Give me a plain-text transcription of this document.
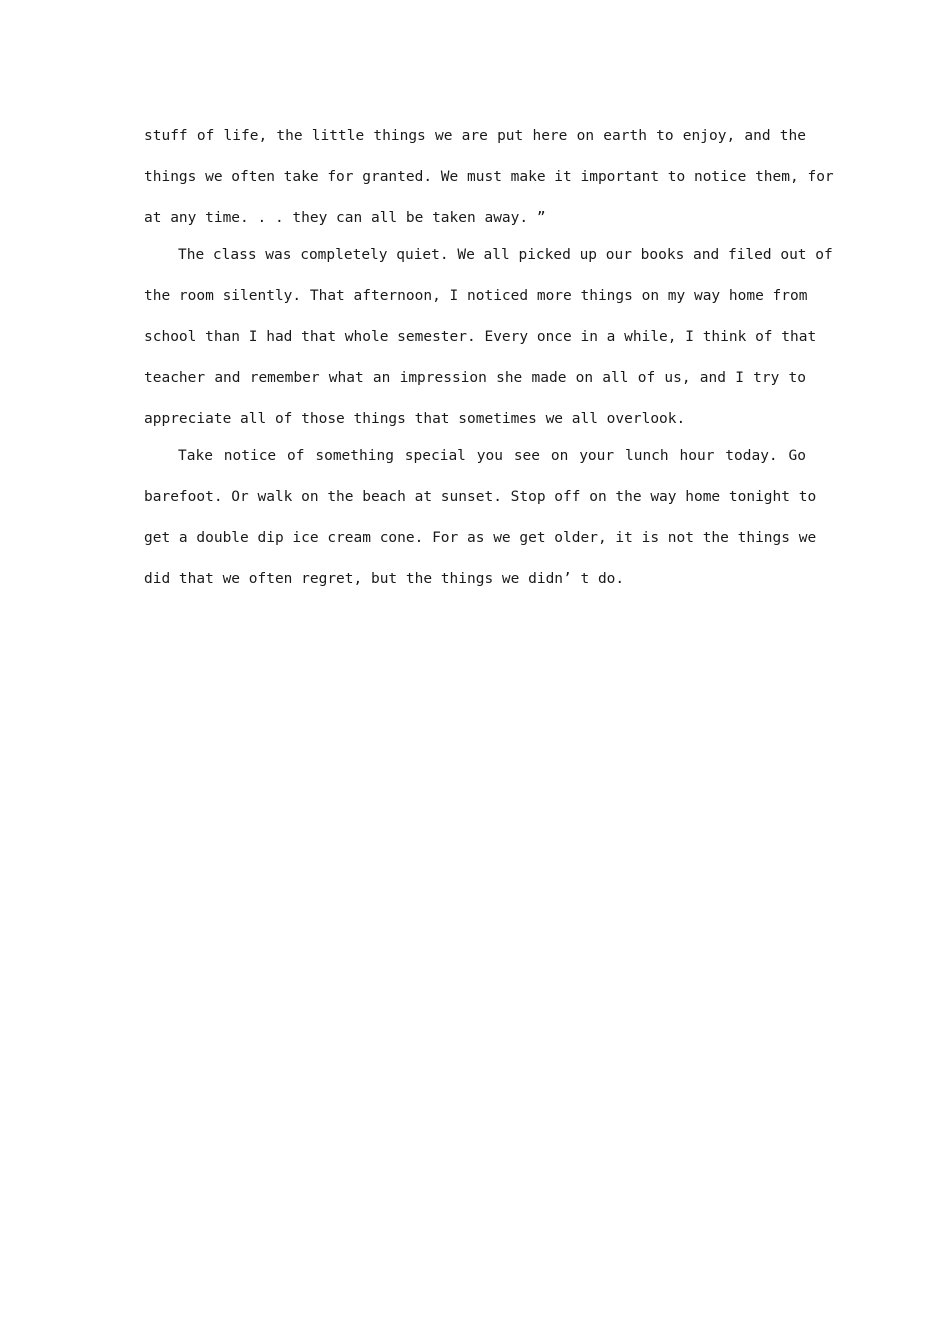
stuff of life, the little things we are put here on earth to enjoy, and the
things we often take for granted. We must make it important to notice them, for
at any time. . . they can all be taken away. ”
The class was completely quiet. We all picked up our books and filed out of
the room silently. That afternoon, I noticed more things on my way home from
school than I had that whole semester. Every once in a while, I think of that
teacher and remember what an impression she made on all of us, and I try to
appreciate all of those things that sometimes we all overlook.
Take notice of something special you see on your lunch hour today. Go
barefoot. Or walk on the beach at sunset. Stop off on the way home tonight to
get a double dip ice cream cone. For as we get older, it is not the things we
did that we often regret, but the things we didn’ t do.
